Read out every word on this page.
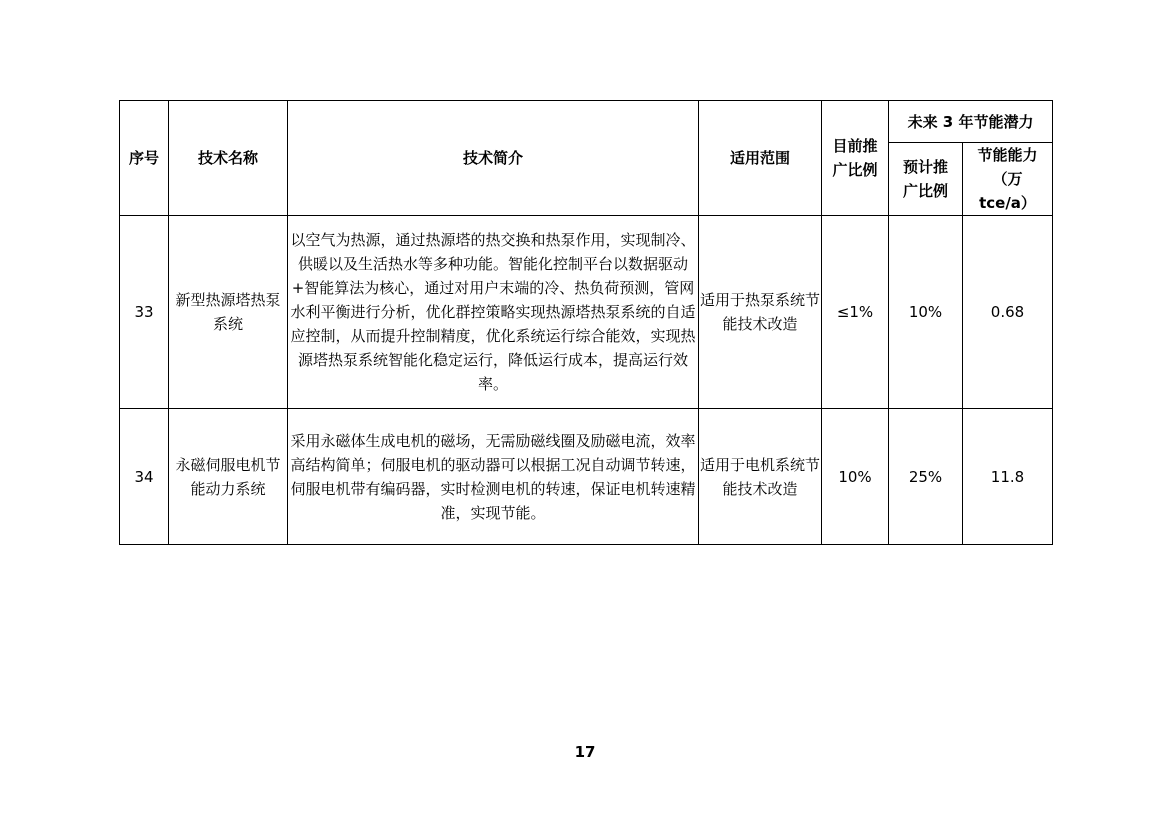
序号	技术名称	技术简介	适用范围	目前推广比例	未来 3 年节能潜力	
					预计推广比例	节能能力（万 tce/a）
33	新型热源塔热泵系统	以空气为热源，通过热源塔的热交换和热泵作用，实现制冷、供暖以及生活热水等多种功能。智能化控制平台以数据驱动+智能算法为核心，通过对用户末端的冷、热负荷预测，管网水利平衡进行分析，优化群控策略实现热源塔热泵系统的自适应控制，从而提升控制精度，优化系统运行综合能效，实现热源塔热泵系统智能化稳定运行，降低运行成本，提高运行效率。	适用于热泵系统节能技术改造	≤1%	10%	0.68
34	永磁伺服电机节能动力系统	采用永磁体生成电机的磁场，无需励磁线圈及励磁电流，效率高结构简单；伺服电机的驱动器可以根据工况自动调节转速，伺服电机带有编码器，实时检测电机的转速，保证电机转速精准，实现节能。	适用于电机系统节能技术改造	10%	25%	11.8
17
